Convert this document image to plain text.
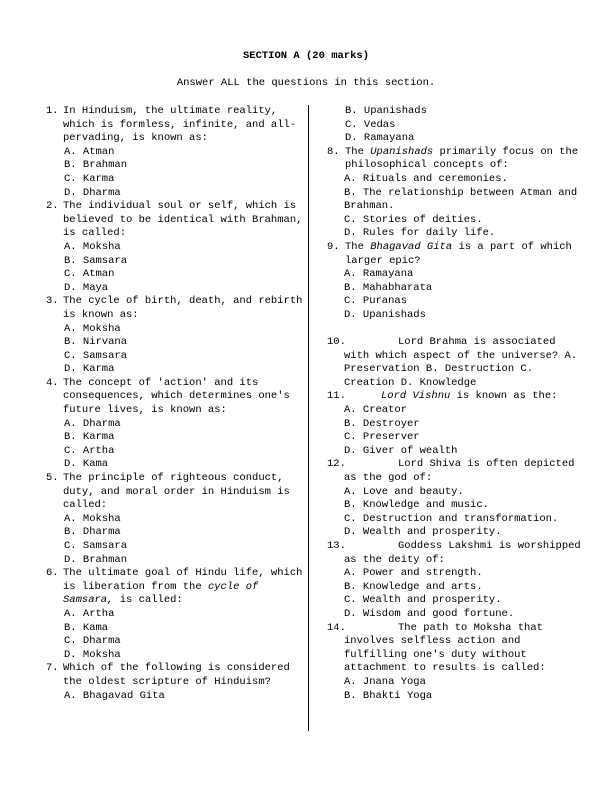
SECTION A (20 marks)
Answer ALL the questions in this section.
1. In Hinduism, the ultimate reality, which is formless, infinite, and all-pervading, is known as:
A. Atman
B. Brahman
C. Karma
D. Dharma
2. The individual soul or self, which is believed to be identical with Brahman, is called:
A. Moksha
B. Samsara
C. Atman
D. Maya
3. The cycle of birth, death, and rebirth is known as:
A. Moksha
B. Nirvana
C. Samsara
D. Karma
4. The concept of 'action' and its consequences, which determines one's future lives, is known as:
A. Dharma
B. Karma
C. Artha
D. Kama
5. The principle of righteous conduct, duty, and moral order in Hinduism is called:
A. Moksha
B. Dharma
C. Samsara
D. Brahman
6. The ultimate goal of Hindu life, which is liberation from the cycle of Samsara, is called:
A. Artha
B. Kama
C. Dharma
D. Moksha
7. Which of the following is considered the oldest scripture of Hinduism?
A. Bhagavad Gita
B. Upanishads
C. Vedas
D. Ramayana
8. The Upanishads primarily focus on the philosophical concepts of:
A. Rituals and ceremonies.
B. The relationship between Atman and Brahman.
C. Stories of deities.
D. Rules for daily life.
9. The Bhagavad Gita is a part of which larger epic?
A. Ramayana
B. Mahabharata
C. Puranas
D. Upanishads
10.	Lord Brahma is associated with which aspect of the universe? A. Preservation B. Destruction C. Creation D. Knowledge
11.	Lord Vishnu is known as the:
A. Creator
B. Destroyer
C. Preserver
D. Giver of wealth
12.	Lord Shiva is often depicted as the god of:
A. Love and beauty.
B. Knowledge and music.
C. Destruction and transformation.
D. Wealth and prosperity.
13.	Goddess Lakshmi is worshipped as the deity of:
A. Power and strength.
B. Knowledge and arts.
C. Wealth and prosperity.
D. Wisdom and good fortune.
14.	The path to Moksha that involves selfless action and fulfilling one's duty without attachment to results is called:
A. Jnana Yoga
B. Bhakti Yoga
